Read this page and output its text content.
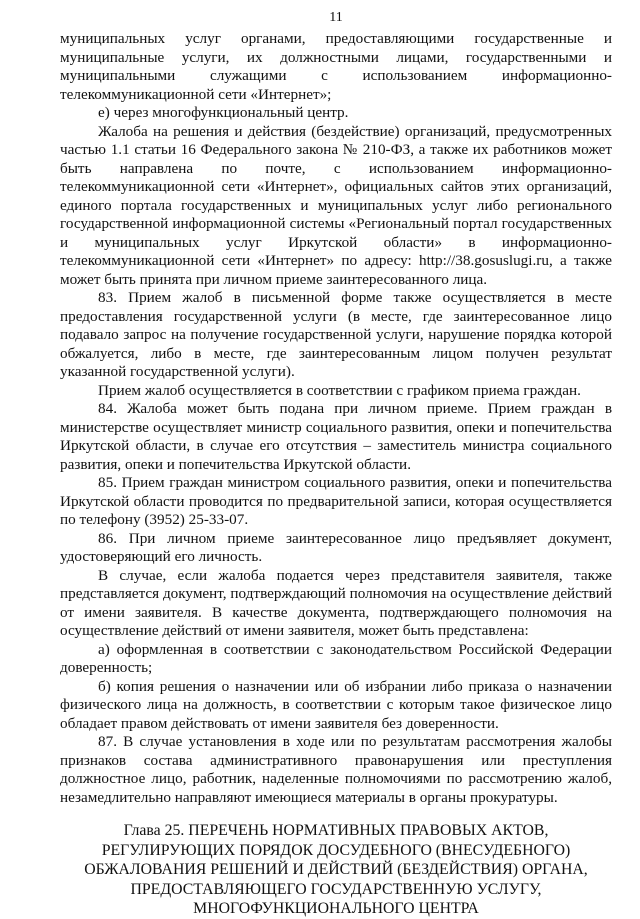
11

муниципальных услуг органами, предоставляющими государственные и муниципальные услуги, их должностными лицами, государственными и муниципальными служащими с использованием информационно-телекоммуникационной сети «Интернет»;

е) через многофункциональный центр.

Жалоба на решения и действия (бездействие) организаций, предусмотренных частью 1.1 статьи 16 Федерального закона № 210-ФЗ, а также их работников может быть направлена по почте, с использованием информационно-телекоммуникационной сети «Интернет», официальных сайтов этих организаций, единого портала государственных и муниципальных услуг либо регионального государственной информационной системы «Региональный портал государственных и муниципальных услуг Иркутской области» в информационно-телекоммуникационной сети «Интернет» по адресу: http://38.gosuslugi.ru, а также может быть принята при личном приеме заинтересованного лица.

83. Прием жалоб в письменной форме также осуществляется в месте предоставления государственной услуги (в месте, где заинтересованное лицо подавало запрос на получение государственной услуги, нарушение порядка которой обжалуется, либо в месте, где заинтересованным лицом получен результат указанной государственной услуги).

Прием жалоб осуществляется в соответствии с графиком приема граждан.

84. Жалоба может быть подана при личном приеме. Прием граждан в министерстве осуществляет министр социального развития, опеки и попечительства Иркутской области, в случае его отсутствия – заместитель министра социального развития, опеки и попечительства Иркутской области.

85. Прием граждан министром социального развития, опеки и попечительства Иркутской области проводится по предварительной записи, которая осуществляется по телефону (3952) 25-33-07.

86. При личном приеме заинтересованное лицо предъявляет документ, удостоверяющий его личность.

В случае, если жалоба подается через представителя заявителя, также представляется документ, подтверждающий полномочия на осуществление действий от имени заявителя. В качестве документа, подтверждающего полномочия на осуществление действий от имени заявителя, может быть представлена:

а) оформленная в соответствии с законодательством Российской Федерации доверенность;

б) копия решения о назначении или об избрании либо приказа о назначении физического лица на должность, в соответствии с которым такое физическое лицо обладает правом действовать от имени заявителя без доверенности.

87. В случае установления в ходе или по результатам рассмотрения жалобы признаков состава административного правонарушения или преступления должностное лицо, работник, наделенные полномочиями по рассмотрению жалоб, незамедлительно направляют имеющиеся материалы в органы прокуратуры.

Глава 25. ПЕРЕЧЕНЬ НОРМАТИВНЫХ ПРАВОВЫХ АКТОВ, РЕГУЛИРУЮЩИХ ПОРЯДОК ДОСУДЕБНОГО (ВНЕСУДЕБНОГО) ОБЖАЛОВАНИЯ РЕШЕНИЙ И ДЕЙСТВИЙ (БЕЗДЕЙСТВИЯ) ОРГАНА, ПРЕДОСТАВЛЯЮЩЕГО ГОСУДАРСТВЕННУЮ УСЛУГУ, МНОГОФУНКЦИОНАЛЬНОГО ЦЕНТРА
